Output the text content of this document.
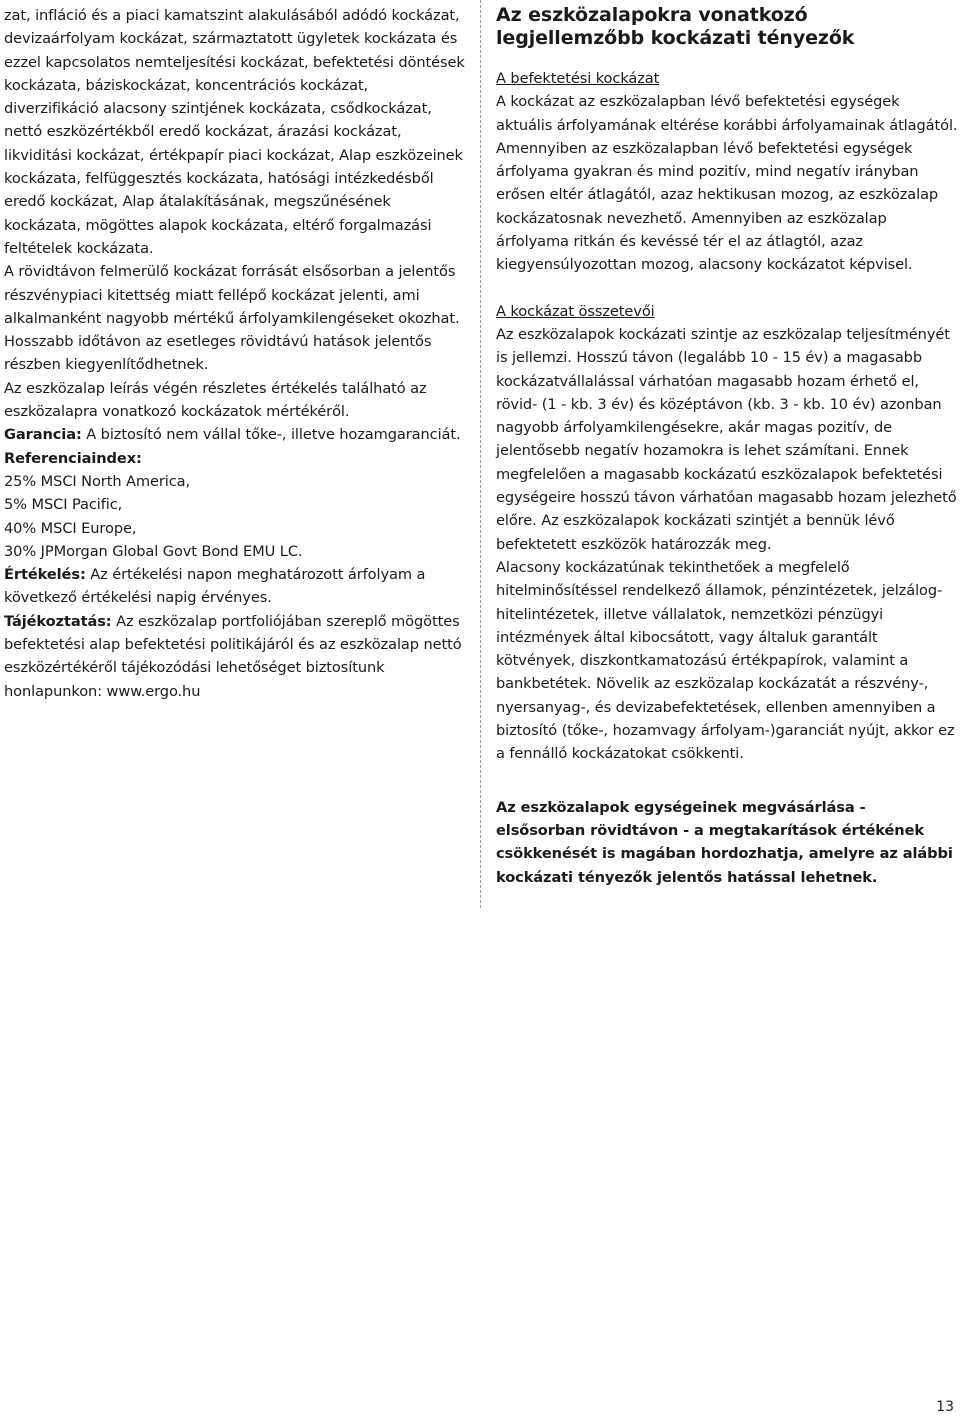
zat, infláció és a piaci kamatszint alakulásából adódó kockázat, devizaárfolyam kockázat, származtatott ügyletek kockázata és ezzel kapcsolatos nemteljesítési kockázat, befektetési döntések kockázata, báziskockázat, koncentrációs kockázat, diverzifikáció alacsony szintjének kockázata, csődkockázat, nettó eszközértékből eredő kockázat, árazási kockázat, likviditási kockázat, értékpapír piaci kockázat, Alap eszközeinek kockázata, felfüggesztés kockázata, hatósági intézkedésből eredő kockázat, Alap átalakításának, megszűnésének kockázata, mögöttes alapok kockázata, eltérő forgalmazási feltételek kockázata.

A rövidtávon felmerülő kockázat forrását elsősorban a jelentős részvénypiaci kitettség miatt fellépő kockázat jelenti, ami alkalmanként nagyobb mértékű árfolyamkilengéseket okozhat. Hosszabb időtávon az esetleges rövidtávú hatások jelentős részben kiegyenlítődhetnek.

Az eszközalap leírás végén részletes értékelés található az eszközalapra vonatkozó kockázatok mértékéről.

Garancia: A biztosító nem vállal tőke-, illetve hozamgaranciát.

Referenciaindex:

25% MSCI North America,

5% MSCI Pacific,

40% MSCI Europe,

30% JPMorgan Global Govt Bond EMU LC.

Értékelés: Az értékelési napon meghatározott árfolyam a következő értékelési napig érvényes.

Tájékoztatás: Az eszközalap portfoliójában szereplő mögöttes befektetési alap befektetési politikájáról és az eszközalap nettó eszközértékéről tájékozódási lehetőséget biztosítunk honlapunkon: www.ergo.hu

Az eszközalapokra vonatkozó legjellemzőbb kockázati tényezők

A befektetési kockázat

A kockázat az eszközalapban lévő befektetési egységek aktuális árfolyamának eltérése korábbi árfolyamainak átlagától.

Amennyiben az eszközalapban lévő befektetési egységek árfolyama gyakran és mind pozitív, mind negatív irányban erősen eltér átlagától, azaz hektikusan mozog, az eszközalap kockázatosnak nevezhető. Amennyiben az eszközalap árfolyama ritkán és kevéssé tér el az átlagtól, azaz kiegyensúlyozottan mozog, alacsony kockázatot képvisel.

A kockázat összetevői

Az eszközalapok kockázati szintje az eszközalap teljesítményét is jellemzi. Hosszú távon (legalább 10 - 15 év) a magasabb kockázatvállalással várhatóan magasabb hozam érhető el, rövid- (1 - kb. 3 év) és középtávon (kb. 3 - kb. 10 év) azonban nagyobb árfolyamkilengésekre, akár magas pozitív, de jelentősebb negatív hozamokra is lehet számítani. Ennek megfelelően a magasabb kockázatú eszközalapok befektetési egységeire hosszú távon várhatóan magasabb hozam jelezhető előre. Az eszközalapok kockázati szintjét a bennük lévő befektetett eszközök határozzák meg.

Alacsony kockázatúnak tekinthetőek a megfelelő hitelminősítéssel rendelkező államok, pénzintézetek, jelzálog-hitelintézetek, illetve vállalatok, nemzetközi pénzügyi intézmények által kibocsátott, vagy általuk garantált kötvények, diszkontkamatozású értékpapírok, valamint a bankbetétek. Növelik az eszközalap kockázatát a részvény-, nyersanyag-, és devizabefektetések, ellenben amennyiben a biztosító (tőke-, hozamvagy árfolyam-)garanciát nyújt, akkor ez a fennálló kockázatokat csökkenti.

Az eszközalapok egységeinek megvásárlása - elsősorban rövidtávon - a megtakarítások értékének csökkenését is magában hordozhatja, amelyre az alábbi kockázati tényezők jelentős hatással lehetnek.

13
